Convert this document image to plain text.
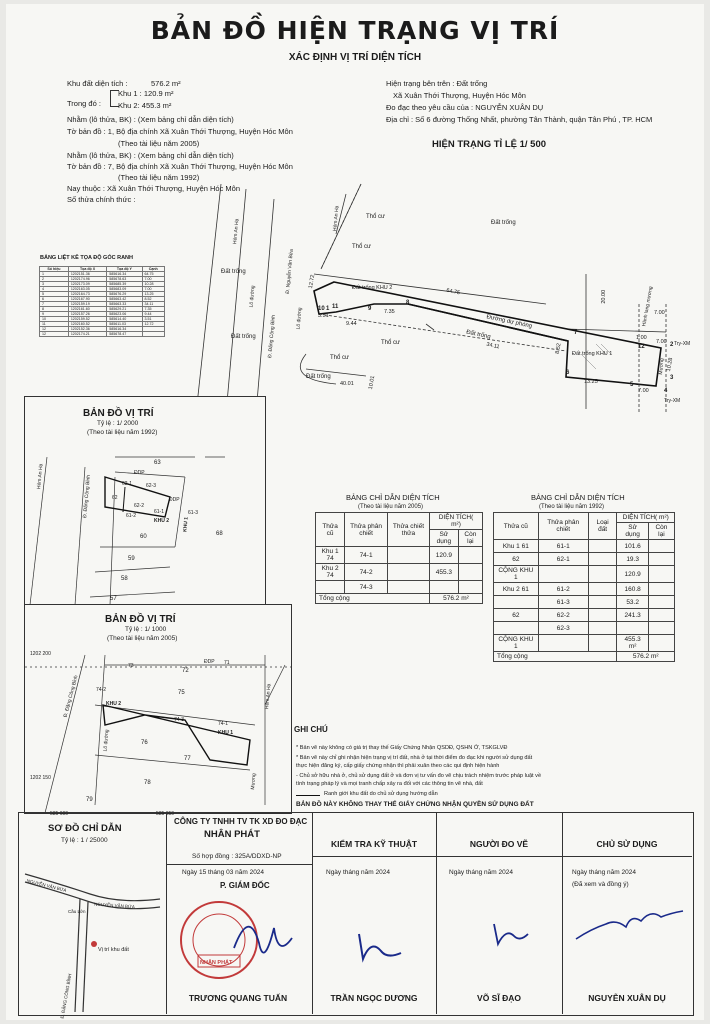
BẢN ĐỒ HIỆN TRẠNG VỊ TRÍ
XÁC ĐỊNH VỊ TRÍ DIỆN TÍCH
Khu đất diện tích :	576.2 m²
Trong đó :
Khu 1 : 120.9 m²
Khu 2: 455.3 m²
Nhằm (lô thửa, BK) : (Xem bảng chỉ dẫn diện tích)
Tờ bản đồ : 1, Bộ địa chính Xã Xuân Thới Thượng, Huyện Hóc Môn
(Theo tài liệu năm 2005)
Nhằm (lô thửa, BK) : (Xem bảng chỉ dẫn diện tích)
Tờ bản đồ : 7, Bộ địa chính Xã Xuân Thới Thượng, Huyện Hóc Môn
(Theo tài liệu năm 1992)
Nay thuộc : Xã Xuân Thới Thượng, Huyện Hóc Môn
Số thửa chính thức :
Hiện trạng bên trên : Đất trống
Xã Xuân Thới Thượng, Huyện Hóc Môn
Đo đạc theo yêu cầu của : NGUYỄN XUÂN DỤ
Địa chỉ : Số 6 đường Thống Nhất, phường Tân Thành, quận Tân Phú , TP. HCM
HIỆN TRẠNG TỈ LỆ 1/ 500
BẢNG LIỆT KÊ TỌA ĐỘ GÓC RANH
Số hiệu	Tọa độ X	Tọa độ Y	Cạnh
1	1202151.36	585616.34	64.75
2	1202174.96	585678.63	7.00
3	1202173.09	585685.39	10.28
4	1202163.05	585683.09	7.00
5	1202164.73	585676.29	13.25
6	1202167.90	585663.42	8.52
7	1202159.19	585663.33	34.11
8	1202161.60	585629.21	7.35
9	1202157.26	585623.06	9.44
10	1202159.52	585614.40	3.51
11	1202160.52	585611.03	12.72
12	1202152.36	585616.34	
12	1202174.21	585678.47	
Đường dự phóng
Đất trống KHU 1
Đất trống KHU 2
Thổ cư
Thổ cư
Đất trống
Đất trống
Đất trống
Thổ cư
Thổ cư
Đất trống
Đất trống
Hẻm An Hạ	Hẻm An Hạ
Lô đường
Lô đường
Đ. Đặng Công Bỉnh
Đ. Nguyễn Văn Bứa
Hành lang mương
Mương
Try-XM
Try-XM
64.75
7.00
10.28
7.00
13.25
34.11
12.72
9.44
7.35
3.51
8.52
20.00
7.00
40.01	10.01
1.00
1
2
3
4
5
6
7
8
9
10 11
12
BẢN ĐỒ VỊ TRÍ
Tỷ lệ : 1/ 2000
(Theo tài liệu năm 1992)
63
62-1	62-3
62-2
62
61-2
61-1	61-3
60
59
58
68
57
Hẻm An Hạ	Đ. Đặng Công Bỉnh
KHU 2	KHU 1
ĐDP
ĐDP
BẢN ĐỒ VỊ TRÍ
Tỷ lệ : 1/ 1000
(Theo tài liệu năm 2005)
72
75
74-2
74-3
74-1
76
77
78
79
73	71
Đ. Đặng Công Bỉnh	Hẻm An Hạ
KHU 2
KHU 1
ĐDP
Mương
Lô đường
1202 200
1202 150
585 600	585 650
BẢNG CHỈ DẪN DIỆN TÍCH
(Theo tài liệu năm 2005)
Thửa cũ	Thửa phân chiết	Thửa chiết thửa	DIỆN TÍCH( m²)	
			Sử dụng	Còn lại
Khu 1 74	74-1		120.9	
Khu 2 74	74-2		455.3	
	74-3			
Tổng cộng			576.2 m²	
BẢNG CHỈ DẪN DIỆN TÍCH
(Theo tài liệu năm 1992)
Thửa cũ	Thửa phân chiết	Loại đất	DIỆN TÍCH( m²)	
			Sử dụng	Còn lại
Khu 1 61	61-1		101.6	
62	62-1		19.3	
CỘNG KHU 1			120.9	
Khu 2 61	61-2		160.8	
	61-3		53.2	
62	62-2		241.3	
	62-3			
CỘNG KHU 1			455.3 m²	
Tổng cộng			576.2 m²	
GHI CHÚ
* Bản vẽ này không có giá trị thay thế Giấy Chứng Nhận QSDĐ, QSHN Ở, TSKGLVĐ
* Bản vẽ này chỉ ghi nhận hiện trạng vị trí đất, nhà ở tại thời điểm đo đạc khi người sử dụng đất
thực hiện đăng ký, cấp giấy chứng nhận thì phải xuân theo các qui định hiện hành
- Chủ sở hữu nhà ở, chủ sử dụng đất ở và đơn vị tư vấn đo vẽ chịu trách nhiệm trước pháp luật về
tính trạng pháp lý và mọi tranh chấp xảy ra đối với các thông tin vẽ nhà, đất
Ranh giới khu đất do chủ sử dụng hướng dẫn
BẢN ĐỒ NÀY KHÔNG THAY THẾ GIẤY CHỨNG NHẬN QUYỀN SỬ DỤNG ĐẤT
SƠ ĐỒ CHỈ DẪN
Tỷ lệ : 1 / 25000
NGUYỄN VĂN BỨA
NGUYỄN VĂN BỨA
Cầu Lớn
Vị trí khu đất
Đ. ĐẶNG CÔNG BỈNH
CÔNG TY TNHH TV TK XD ĐO ĐẠC
NHÂN PHÁT
Số hợp đồng : 325A/DDXD-NP
Ngày 15 tháng 03 năm 2024
P. GIÁM ĐỐC
NHÂN PHÁT
TRƯƠNG QUANG TUẤN
KIỂM TRA KỸ THUẬT
Ngày tháng năm 2024
TRẦN NGỌC DƯƠNG
NGƯỜI ĐO VẼ
Ngày tháng năm 2024
VÕ SĨ ĐẠO
CHỦ SỬ DỤNG
Ngày tháng năm 2024
(Đã xem và đồng ý)
NGUYỄN XUÂN DỤ
